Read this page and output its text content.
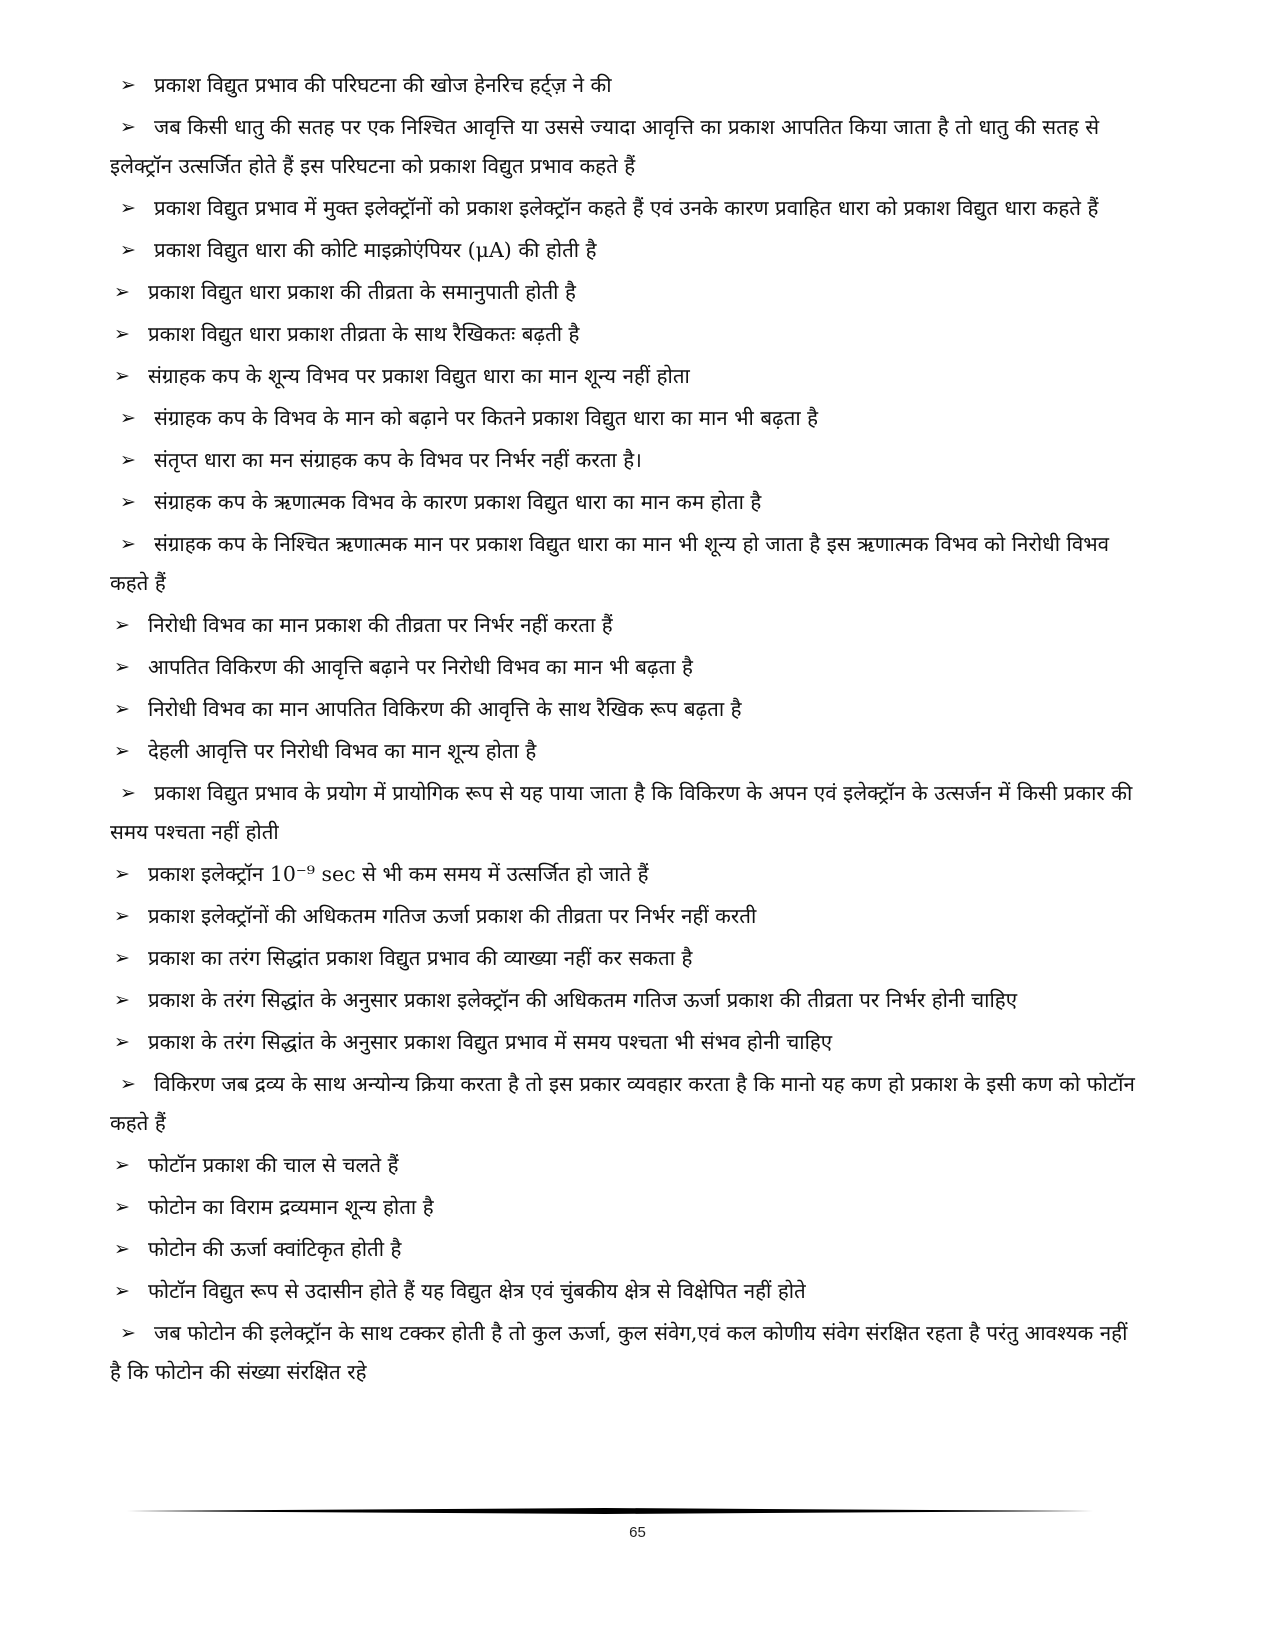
➢ प्रकाश विद्युत प्रभाव की परिघटना की खोज हेनरिच हर्ट्ज़ ने की
➢ जब किसी धातु की सतह पर एक निश्चित आवृत्ति या उससे ज्यादा आवृत्ति का प्रकाश आपतित किया जाता है तो धातु की सतह से इलेक्ट्रॉन उत्सर्जित होते हैं इस परिघटना को प्रकाश विद्युत प्रभाव कहते हैं
➢ प्रकाश विद्युत प्रभाव में मुक्त इलेक्ट्रॉनों को प्रकाश इलेक्ट्रॉन कहते हैं एवं उनके कारण प्रवाहित धारा को प्रकाश विद्युत धारा कहते हैं
➢ प्रकाश विद्युत धारा की कोटि माइक्रोएंपियर (μA) की होती है
➢ प्रकाश विद्युत धारा प्रकाश की तीव्रता के समानुपाती होती है
➢ प्रकाश विद्युत धारा प्रकाश तीव्रता के साथ रैखिकतः बढ़ती है
➢ संग्राहक कप के शून्य विभव पर प्रकाश विद्युत धारा का मान शून्य नहीं होता
➢ संग्राहक कप के विभव के मान को बढ़ाने पर कितने प्रकाश विद्युत धारा का मान भी बढ़ता है
➢ संतृप्त धारा का मन संग्राहक कप के विभव पर निर्भर नहीं करता है।
➢ संग्राहक कप के ऋणात्मक विभव के कारण प्रकाश विद्युत धारा का मान कम होता है
➢ संग्राहक कप के निश्चित ऋणात्मक मान पर प्रकाश विद्युत धारा का मान भी शून्य हो जाता है इस ऋणात्मक विभव को निरोधी विभव कहते हैं
➢ निरोधी विभव का मान प्रकाश की तीव्रता पर निर्भर नहीं करता हैं
➢ आपतित विकिरण की आवृत्ति बढ़ाने पर निरोधी विभव का मान भी बढ़ता है
➢ निरोधी विभव का मान आपतित विकिरण की आवृत्ति के साथ रैखिक रूप बढ़ता है
➢ देहली आवृत्ति पर निरोधी विभव का मान शून्य होता है
➢ प्रकाश विद्युत प्रभाव के प्रयोग में प्रायोगिक रूप से यह पाया जाता है कि विकिरण के अपन एवं इलेक्ट्रॉन के उत्सर्जन में किसी प्रकार की समय पश्चता नहीं होती
➢ प्रकाश इलेक्ट्रॉन 10⁻⁹ sec से भी कम समय में उत्सर्जित हो जाते हैं
➢ प्रकाश इलेक्ट्रॉनों की अधिकतम गतिज ऊर्जा प्रकाश की तीव्रता पर निर्भर नहीं करती
➢ प्रकाश का तरंग सिद्धांत प्रकाश विद्युत प्रभाव की व्याख्या नहीं कर सकता है
➢ प्रकाश के तरंग सिद्धांत के अनुसार प्रकाश इलेक्ट्रॉन की अधिकतम गतिज ऊर्जा प्रकाश की तीव्रता पर निर्भर होनी चाहिए
➢ प्रकाश के तरंग सिद्धांत के अनुसार प्रकाश विद्युत प्रभाव में समय पश्चता भी संभव होनी चाहिए
➢ विकिरण जब द्रव्य के साथ अन्योन्य क्रिया करता है तो इस प्रकार व्यवहार करता है कि मानो यह कण हो प्रकाश के इसी कण को फोटॉन कहते हैं
➢ फोटॉन प्रकाश की चाल से चलते हैं
➢ फोटोन का विराम द्रव्यमान शून्य होता है
➢ फोटोन की ऊर्जा क्वांटिकृत होती है
➢ फोटॉन विद्युत रूप से उदासीन होते हैं यह विद्युत क्षेत्र एवं चुंबकीय क्षेत्र से विक्षेपित नहीं होते
➢ जब फोटोन की इलेक्ट्रॉन के साथ टक्कर होती है तो कुल ऊर्जा, कुल संवेग,एवं कल कोणीय संवेग संरक्षित रहता है परंतु आवश्यक नहीं है कि फोटोन की संख्या संरक्षित रहे
65
